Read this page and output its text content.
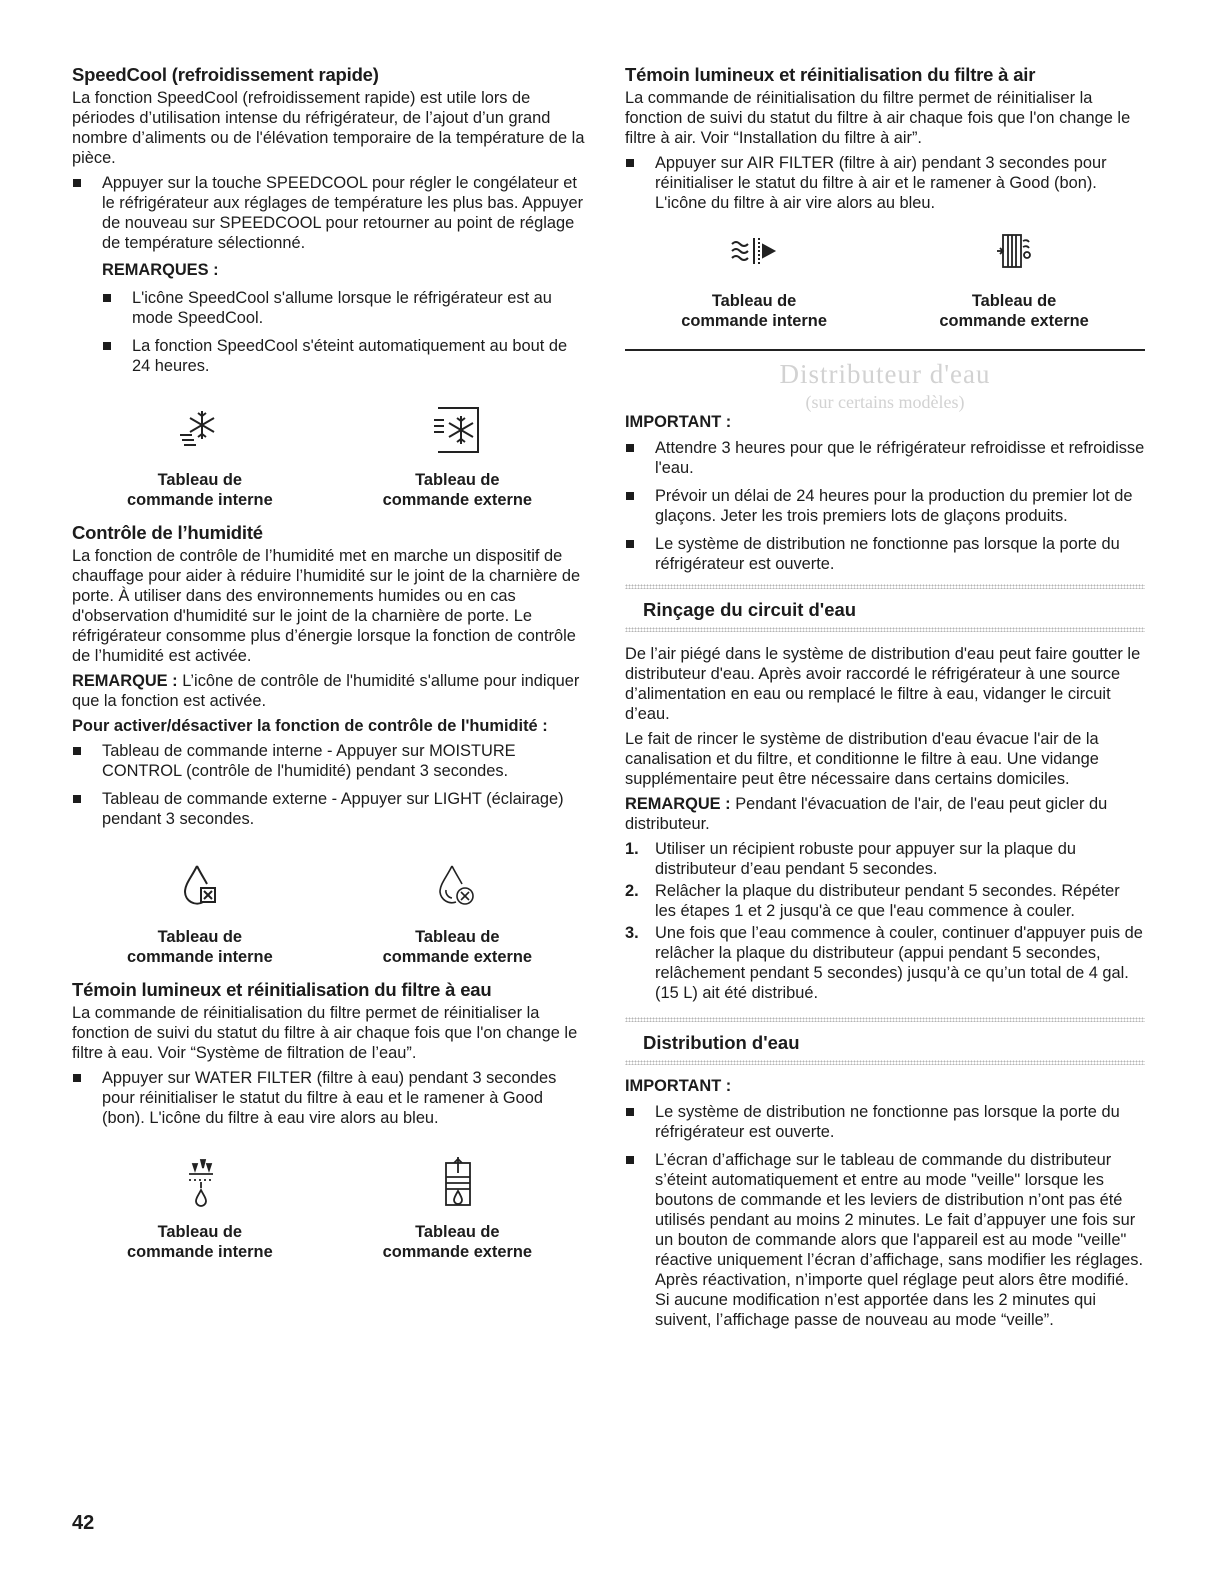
SpeedCool (refroidissement rapide)

La fonction SpeedCool (refroidissement rapide) est utile lors de périodes d’utilisation intense du réfrigérateur, de l’ajout d’un grand nombre d’aliments ou de l'élévation temporaire de la température de la pièce.

Appuyer sur la touche SPEEDCOOL pour régler le congélateur et le réfrigérateur aux réglages de température les plus bas. Appuyer de nouveau sur SPEEDCOOL pour retourner au point de réglage de température sélectionné.
REMARQUES :
L'icône SpeedCool s'allume lorsque le réfrigérateur est au mode SpeedCool.
La fonction SpeedCool s'éteint automatiquement au bout de 24 heures.
Tableau de
commande interne
Tableau de
commande externe
Contrôle de l’humidité

La fonction de contrôle de l’humidité met en marche un dispositif de chauffage pour aider à réduire l’humidité sur le joint de la charnière de porte. À utiliser dans des environnements humides ou en cas d'observation d'humidité sur le joint de la charnière de porte. Le réfrigérateur consomme plus d’énergie lorsque la fonction de contrôle de l’humidité est activée.

REMARQUE : L’icône de contrôle de l'humidité s'allume pour indiquer que la fonction est activée.

Pour activer/désactiver la fonction de contrôle de l'humidité :

Tableau de commande interne - Appuyer sur MOISTURE CONTROL (contrôle de l'humidité) pendant 3 secondes.
Tableau de commande externe - Appuyer sur LIGHT (éclairage) pendant 3 secondes.
Tableau de
commande interne
Tableau de
commande externe
Témoin lumineux et réinitialisation du filtre à eau

La commande de réinitialisation du filtre permet de réinitialiser la fonction de suivi du statut du filtre à air chaque fois que l'on change le filtre à eau. Voir “Système de filtration de l’eau”.

Appuyer sur WATER FILTER (filtre à eau) pendant 3 secondes pour réinitialiser le statut du filtre à eau et le ramener à Good (bon). L'icône du filtre à eau vire alors au bleu.
Tableau de
commande interne
Tableau de
commande externe
Témoin lumineux et réinitialisation du filtre à air

La commande de réinitialisation du filtre permet de réinitialiser la fonction de suivi du statut du filtre à air chaque fois que l'on change le filtre à air. Voir “Installation du filtre à air”.

Appuyer sur AIR FILTER (filtre à air) pendant 3 secondes pour réinitialiser le statut du filtre à air et le ramener à Good (bon). L'icône du filtre à air vire alors au bleu.
Tableau de
commande interne
Tableau de
commande externe
Distributeur d'eau
(sur certains modèles)
IMPORTANT :
Attendre 3 heures pour que le réfrigérateur refroidisse et refroidisse l'eau.
Prévoir un délai de 24 heures pour la production du premier lot de glaçons. Jeter les trois premiers lots de glaçons produits.
Le système de distribution ne fonctionne pas lorsque la porte du réfrigérateur est ouverte.
Rinçage du circuit d'eau

De l’air piégé dans le système de distribution d'eau peut faire goutter le distributeur d'eau. Après avoir raccordé le réfrigérateur à une source d’alimentation en eau ou remplacé le filtre à eau, vidanger le circuit d’eau.

Le fait de rincer le système de distribution d'eau évacue l'air de la canalisation et du filtre, et conditionne le filtre à eau. Une vidange supplémentaire peut être nécessaire dans certains domiciles.

REMARQUE : Pendant l'évacuation de l'air, de l'eau peut gicler du distributeur.

1. Utiliser un récipient robuste pour appuyer sur la plaque du distributeur d’eau pendant 5 secondes.
2. Relâcher la plaque du distributeur pendant 5 secondes. Répéter les étapes 1 et 2 jusqu'à ce que l'eau commence à couler.
3. Une fois que l’eau commence à couler, continuer d'appuyer puis de relâcher la plaque du distributeur (appui pendant 5 secondes, relâchement pendant 5 secondes) jusqu’à ce qu’un total de 4 gal. (15 L) ait été distribué.
Distribution d'eau
IMPORTANT :
Le système de distribution ne fonctionne pas lorsque la porte du réfrigérateur est ouverte.
L’écran d’affichage sur le tableau de commande du distributeur s’éteint automatiquement et entre au mode "veille" lorsque les boutons de commande et les leviers de distribution n’ont pas été utilisés pendant au moins 2 minutes. Le fait d’appuyer une fois sur un bouton de commande alors que l'appareil est au mode "veille" réactive uniquement l’écran d’affichage, sans modifier les réglages. Après réactivation, n’importe quel réglage peut alors être modifié. Si aucune modification n’est apportée dans les 2 minutes qui suivent, l’affichage passe de nouveau au mode “veille”.
42
